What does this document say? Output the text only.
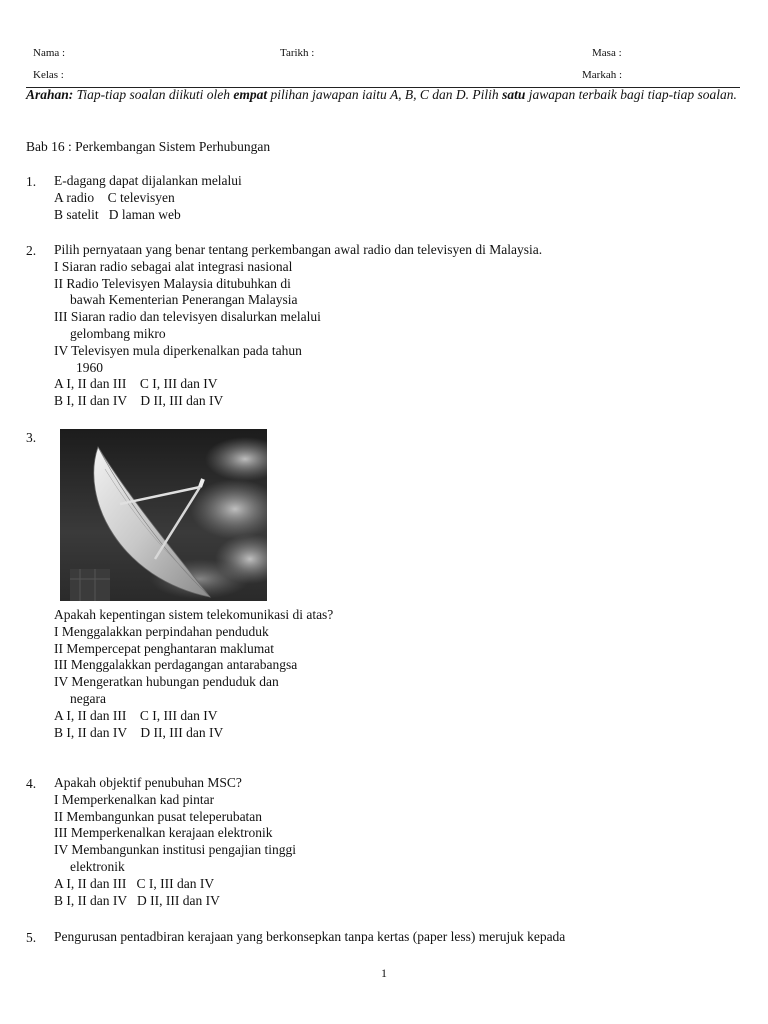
Nama :	Tarikh :	Masa :
Kelas :	Markah :
Arahan: Tiap-tiap soalan diikuti oleh empat pilihan jawapan iaitu A, B, C dan D. Pilih satu jawapan terbaik bagi tiap-tiap soalan.
Bab 16 : Perkembangan Sistem Perhubungan
1. E-dagang dapat dijalankan melalui
A radio    C televisyen
B satelit   D laman web
2. Pilih pernyataan yang benar tentang perkembangan awal radio dan televisyen di Malaysia.
I Siaran radio sebagai alat integrasi nasional
II Radio Televisyen Malaysia ditubuhkan di
bawah Kementerian Penerangan Malaysia
III Siaran radio dan televisyen disalurkan melalui
gelombang mikro
IV Televisyen mula diperkenalkan pada tahun
1960
A I, II dan III    C I, III dan IV
B I, II dan IV    D II, III dan IV
3.
Apakah kepentingan sistem telekomunikasi di atas?
I Menggalakkan perpindahan penduduk
II Mempercepat penghantaran maklumat
III Menggalakkan perdagangan antarabangsa
IV Mengeratkan hubungan penduduk dan
negara
A I, II dan III    C I, III dan IV
B I, II dan IV    D II, III dan IV
4. Apakah objektif penubuhan MSC?
I Memperkenalkan kad pintar
II Membangunkan pusat teleperubatan
III Memperkenalkan kerajaan elektronik
IV Membangunkan institusi pengajian tinggi
elektronik
A I, II dan III   C I, III dan IV
B I, II dan IV   D II, III dan IV
5. Pengurusan pentadbiran kerajaan yang berkonsepkan tanpa kertas (paper less) merujuk kepada
1
